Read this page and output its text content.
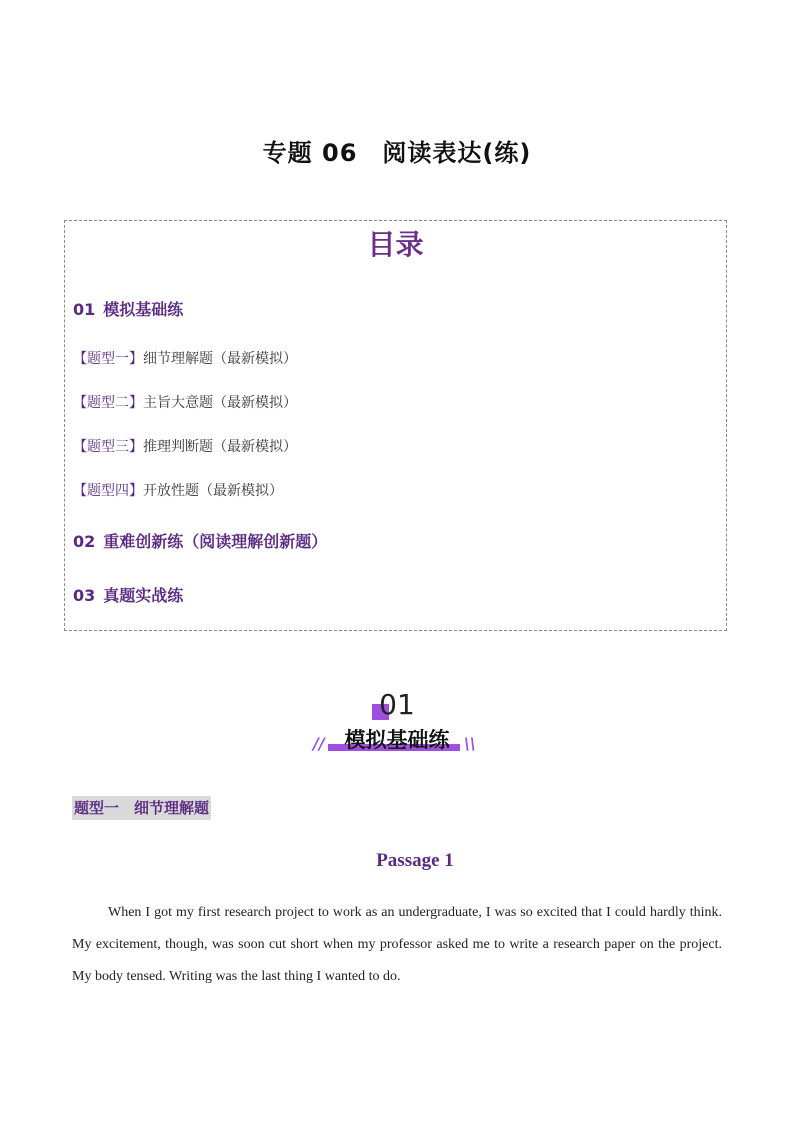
专题 06　阅读表达(练)
目录
01 模拟基础练
【题型一】细节理解题（最新模拟）
【题型二】主旨大意题（最新模拟）
【题型三】推理判断题（最新模拟）
【题型四】开放性题（最新模拟）
02 重难创新练（阅读理解创新题）
03 真题实战练
01
模拟基础练
//	\\
题型一　细节理解题
Passage 1
When I got my first research project to work as an undergraduate, I was so excited that I could hardly think. My excitement, though, was soon cut short when my professor asked me to write a research paper on the project. My body tensed. Writing was the last thing I wanted to do.
